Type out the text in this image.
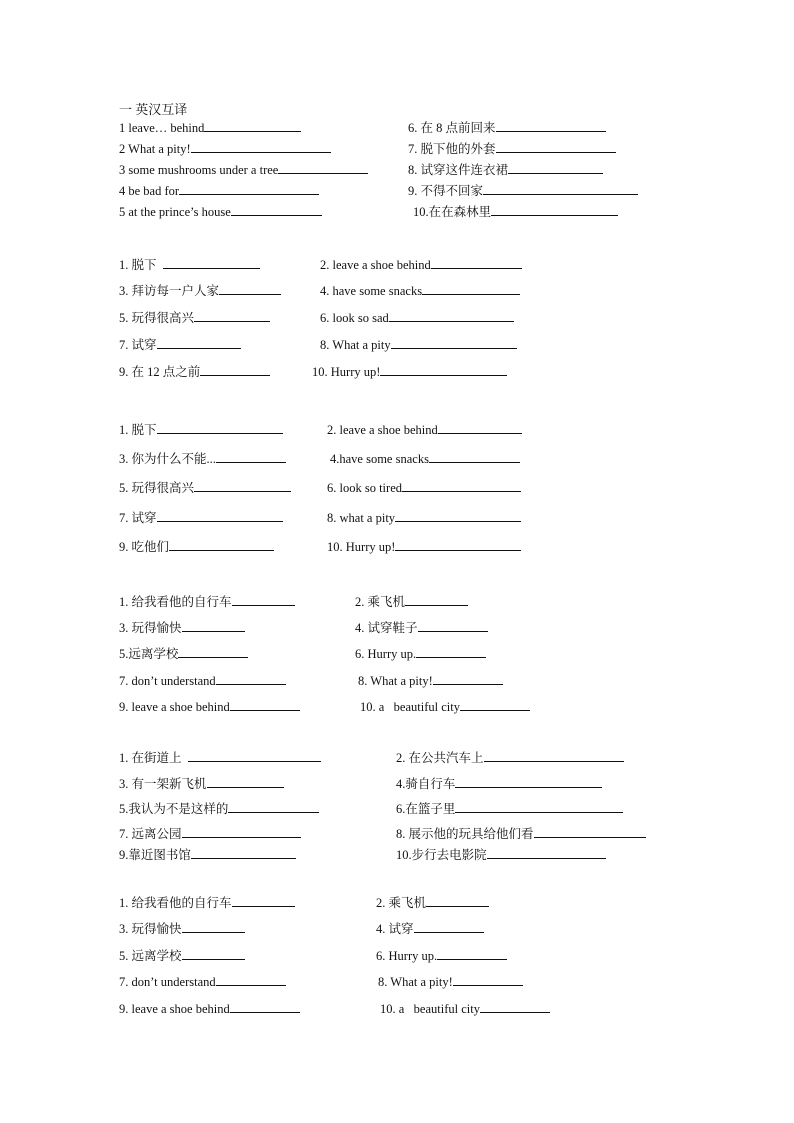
一 英汉互译
1 leave… behind
2 What a pity!
3 some mushrooms under a tree
4 be bad for
5 at the prince’s house
6. 在 8 点前回来
7. 脱下他的外套
8. 试穿这件连衣裙
9. 不得不回家
10.在在森林里
1. 脱下
3. 拜访每一户人家
5. 玩得很高兴
7. 试穿
9. 在 12 点之前
2. leave a shoe behind
4. have some snacks
6. look so sad
8. What a pity
10. Hurry up!
1. 脱下
3. 你为什么不能...
5. 玩得很高兴
7. 试穿
9. 吃他们
2. leave a shoe behind
4.have some snacks
6. look so tired
8. what a pity
10. Hurry up!
1. 给我看他的自行车
3. 玩得愉快
5.远离学校
7. don’t understand
9. leave a shoe behind
2. 乘飞机
4. 试穿鞋子
6. Hurry up.
8. What a pity!
10. a   beautiful city
1. 在街道上
3. 有一架新飞机
5.我认为不是这样的
7. 远离公园
9.靠近图书馆
2. 在公共汽车上
4.骑自行车
6.在篮子里
8. 展示他的玩具给他们看
10.步行去电影院
1. 给我看他的自行车
3. 玩得愉快
5. 远离学校
7. don’t understand
9. leave a shoe behind
2. 乘飞机
4. 试穿
6. Hurry up.
8. What a pity!
10. a   beautiful city
